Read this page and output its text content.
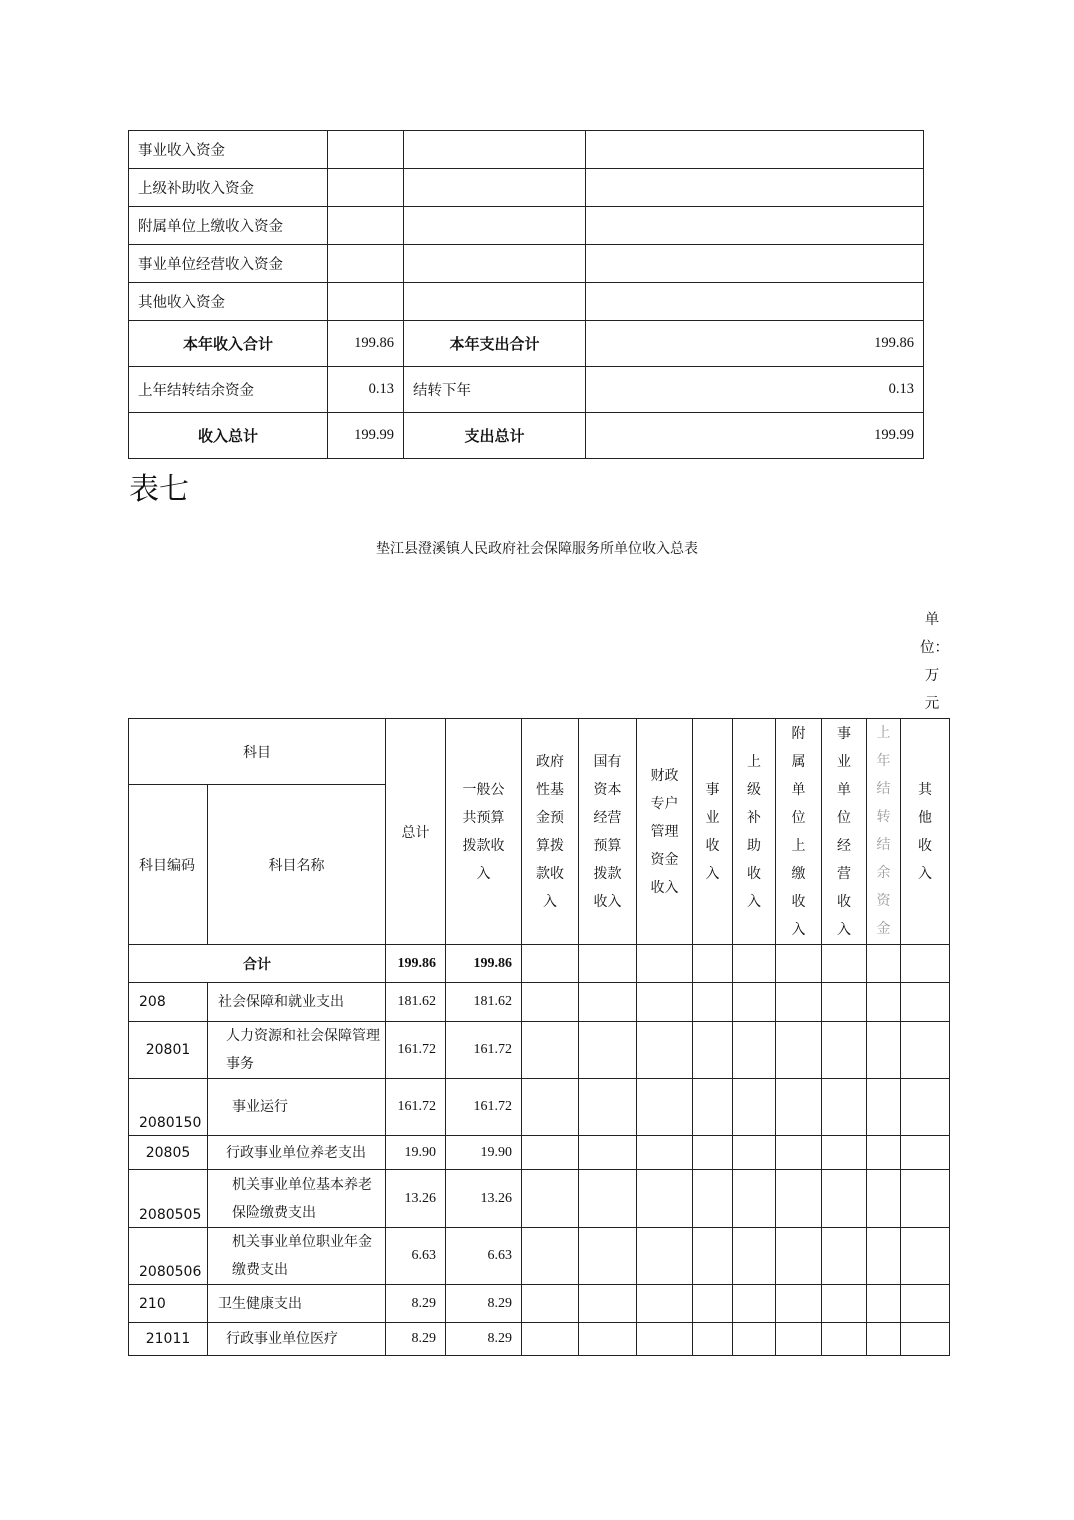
事业收入资金			
上级补助收入资金			
附属单位上缴收入资金			
事业单位经营收入资金			
其他收入资金			
本年收入合计	199.86	本年支出合计	199.86
上年结转结余资金	0.13	结转下年	0.13
收入总计	199.99	支出总计	199.99
表七
垫江县澄溪镇人民政府社会保障服务所单位收入总表
单位：万元
科目		总计	一般公共预算拨款收入	政府性基金预算拨款收入	国有资本经营预算拨款收入	财政专户管理资金收入	事业收入	上级补助收入	附属单位上缴收入	事业单位经营收入	上年结转结余资金	其他收入
科目编码	科目名称											
合计		199.86	199.86									
208	社会保障和就业支出	181.62	181.62									
20801	人力资源和社会保障管理事务	161.72	161.72									
2080150	事业运行	161.72	161.72									
20805	行政事业单位养老支出	19.90	19.90									
2080505	机关事业单位基本养老保险缴费支出	13.26	13.26									
2080506	机关事业单位职业年金缴费支出	6.63	6.63									
210	卫生健康支出	8.29	8.29									
21011	行政事业单位医疗	8.29	8.29									
